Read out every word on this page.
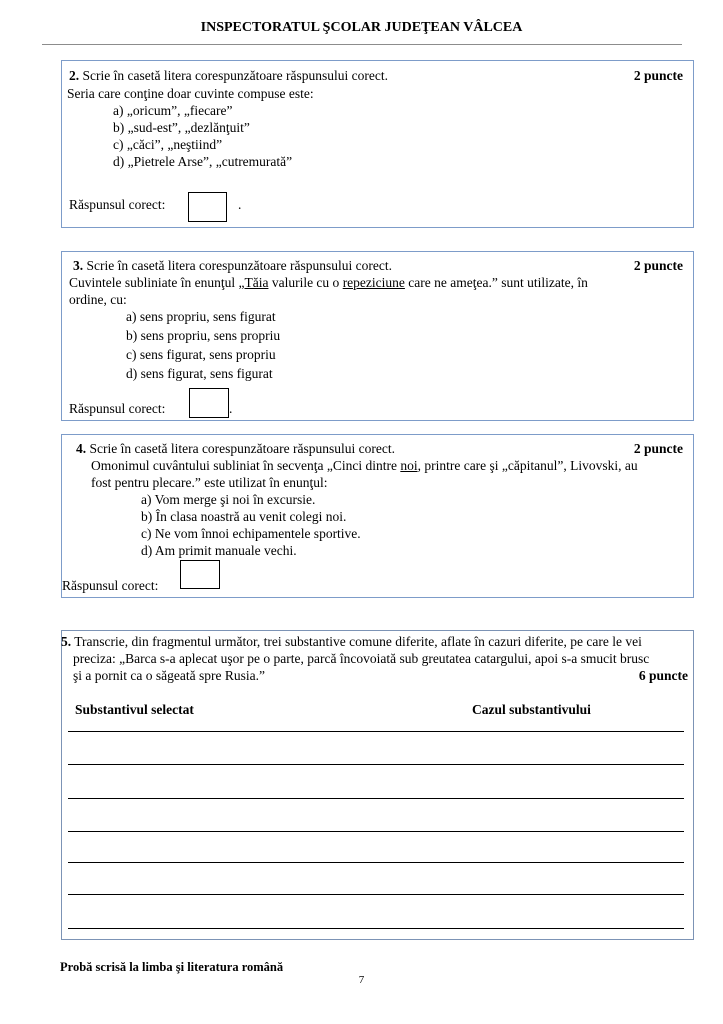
INSPECTORATUL ŞCOLAR JUDEŢEAN VÂLCEA
2. Scrie în casetă litera corespunzătoare răspunsului corect.	2 puncte
Seria care conţine doar cuvinte compuse este:
a) „oricum”, „fiecare”
b) „sud-est”, „dezlănţuit”
c) „căci”, „neştiind”
d) „Pietrele Arse”, „cutremurată”
Răspunsul corect:	.
3. Scrie în casetă litera corespunzătoare răspunsului corect.	2 puncte
Cuvintele subliniate în enunţul „Tăia valurile cu o repeziciune care ne ameţea.” sunt utilizate, în
ordine, cu:
a) sens propriu, sens figurat
b) sens propriu, sens propriu
c) sens figurat, sens propriu
d) sens figurat, sens figurat
Răspunsul corect:	.
4. Scrie în casetă litera corespunzătoare răspunsului corect.	2 puncte
Omonimul cuvântului subliniat în secvenţa „Cinci dintre noi, printre care şi „căpitanul”, Livovski, au
fost pentru plecare.” este utilizat în enunţul:
a) Vom merge şi noi în excursie.
b) În clasa noastră au venit colegi noi.
c) Ne vom înnoi echipamentele sportive.
d) Am primit manuale vechi.
Răspunsul corect:
5. Transcrie, din fragmentul următor, trei substantive comune diferite, aflate în cazuri diferite, pe care le vei
preciza: „Barca s-a aplecat uşor pe o parte, parcă încovoiată sub greutatea catargului, apoi s-a smucit brusc
şi a pornit ca o săgeată spre Rusia.”	6 puncte
Substantivul selectat	Cazul substantivului
Probă scrisă la limba şi literatura română
7
